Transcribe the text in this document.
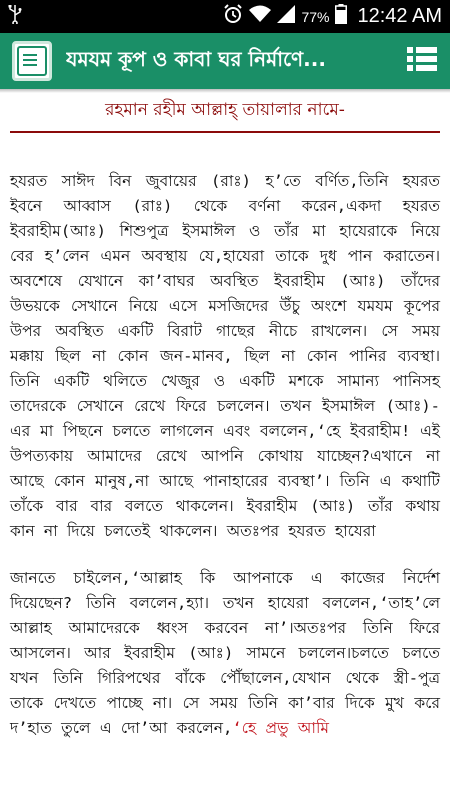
77% 12:42 AM
যমযম কূপ ও কাবা ঘর নির্মাণে...
রহমান রহীম আল্লাহ্ তায়ালার নামে-

হযরত সাঈদ বিন জুবায়ের (রাঃ) হ’তে বর্ণিত,তিনি হযরত ইবনে আব্বাস (রাঃ) থেকে বর্ণনা করেন,একদা হযরত ইবরাহীম(আঃ) শিশুপুত্র ইসমাঈল ও তাঁর মা হাযেরাকে নিয়ে বের হ’লেন এমন অবস্থায় যে,হাযেরা তাকে দুধ পান করাতেন। অবশেষে যেখানে কা’বাঘর অবস্থিত ইবরাহীম (আঃ) তাঁদের উভয়কে সেখানে নিয়ে এসে মসজিদের উঁচু অংশে যমযম কূপের উপর অবস্থিত একটি বিরাট গাছের নীচে রাখলেন। সে সময় মক্কায় ছিল না কোন জন-মানব, ছিল না কোন পানির ব্যবস্থা। তিনি একটি থলিতে খেজুর ও একটি মশকে সামান্য পানিসহ তাদেরকে সেখানে রেখে ফিরে চললেন। তখন ইসমাঈল (আঃ)-এর মা পিছনে চলতে লাগলেন এবং বললেন,‘হে ইবরাহীম! এই উপত্যকায় আমাদের রেখে আপনি কোথায় যাচ্ছেন?এখানে না আছে কোন মানুষ,না আছে পানাহারের ব্যবস্থা’। তিনি এ কথাটি তাঁকে বার বার বলতে থাকলেন। ইবরাহীম (আঃ) তাঁর কথায় কান না দিয়ে চলতেই থাকলেন। অতঃপর হযরত হাযেরা

জানতে চাইলেন,‘আল্লাহ কি আপনাকে এ কাজের নির্দেশ দিয়েছেন? তিনি বললেন,হ্যা। তখন হাযেরা বললেন,‘তাহ’লে আল্লাহ আমাদেরকে ধ্বংস করবেন না’।অতঃপর তিনি ফিরে আসলেন। আর ইবরাহীম (আঃ) সামনে চললেন।চলতে চলতে যখন তিনি গিরিপথের বাঁকে পৌঁছালেন,যেখান থেকে স্ত্রী-পুত্র তাকে দেখতে পাচ্ছে না। সে সময় তিনি কা’বার দিকে মুখ করে দ’হাত তুলে এ দো’আ করলেন,‘হে প্রভু আমি
